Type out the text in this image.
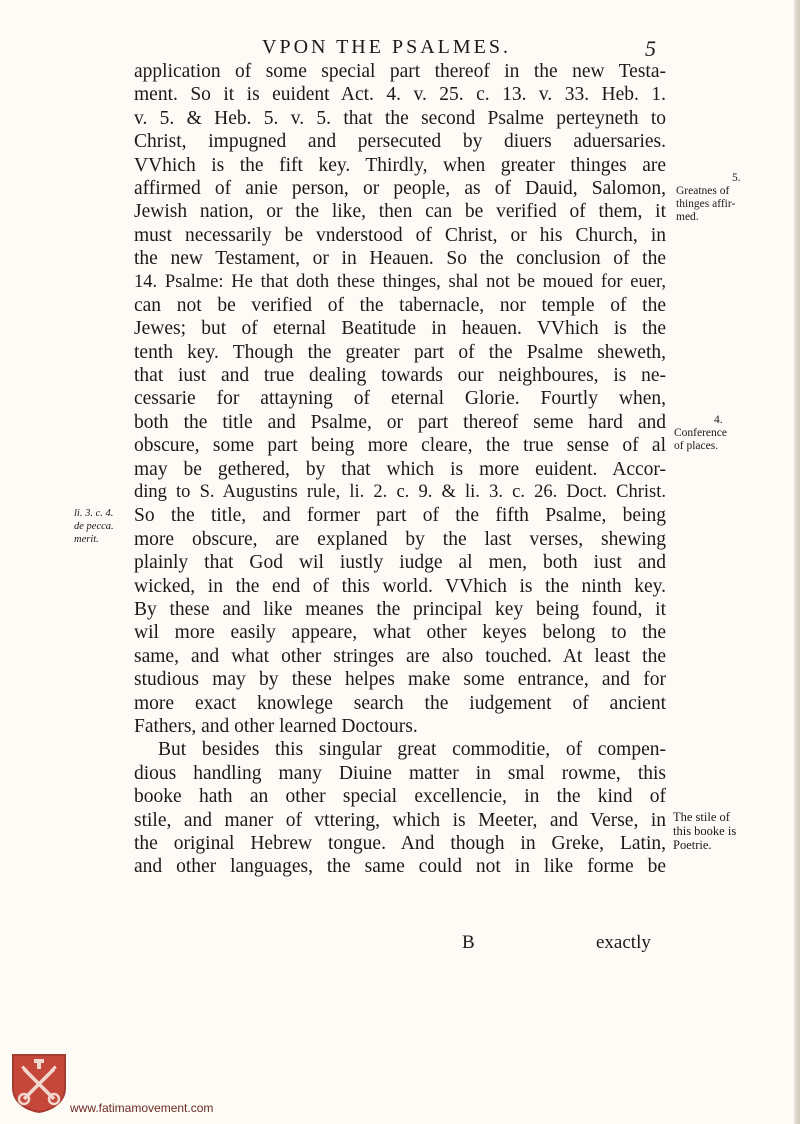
VPON THE PSALMES.	5
application of some special part thereof in the new Testa-
ment. So it is euident Act. 4. v. 25. c. 13. v. 33. Heb. 1.
v. 5. & Heb. 5. v. 5. that the second Psalme perteyneth to
Christ, impugned and persecuted by diuers aduersaries.
VVhich is the fift key. Thirdly, when greater thinges are
affirmed of anie person, or people, as of Dauid, Salomon,
Jewish nation, or the like, then can be verified of them, it
must necessarily be vnderstood of Christ, or his Church, in
the new Testament, or in Heauen. So the conclusion of the
14. Psalme: He that doth these thinges, shal not be moued for euer,
can not be verified of the tabernacle, nor temple of the
Jewes; but of eternal Beatitude in heauen. VVhich is the
tenth key. Though the greater part of the Psalme sheweth,
that iust and true dealing towards our neighboures, is ne-
cessarie for attayning of eternal Glorie. Fourtly when,
both the title and Psalme, or part thereof seme hard and
obscure, some part being more cleare, the true sense of al
may be gethered, by that which is more euident. Accor-
ding to S. Augustins rule, li. 2. c. 9. & li. 3. c. 26. Doct. Christ.
So the title, and former part of the fifth Psalme, being
more obscure, are explaned by the last verses, shewing
plainly that God wil iustly iudge al men, both iust and
wicked, in the end of this world. VVhich is the ninth key.
By these and like meanes the principal key being found, it
wil more easily appeare, what other keyes belong to the
same, and what other stringes are also touched. At least the
studious may by these helpes make some entrance, and for
more exact knowlege search the iudgement of ancient
Fathers, and other learned Doctours.
But besides this singular great commoditie, of compen-
dious handling many Diuine matter in smal rowme, this
booke hath an other special excellencie, in the kind of
stile, and maner of vttering, which is Meeter, and Verse, in
the original Hebrew tongue. And though in Greke, Latin,
and other languages, the same could not in like forme be
5.
Greatnes of
thinges affir-
med.
4.
Conference
of places.
li. 3. c. 4.
de pecca.
merit.
The stile of
this booke is
Poetrie.
B	exactly
www.fatimamovement.com
